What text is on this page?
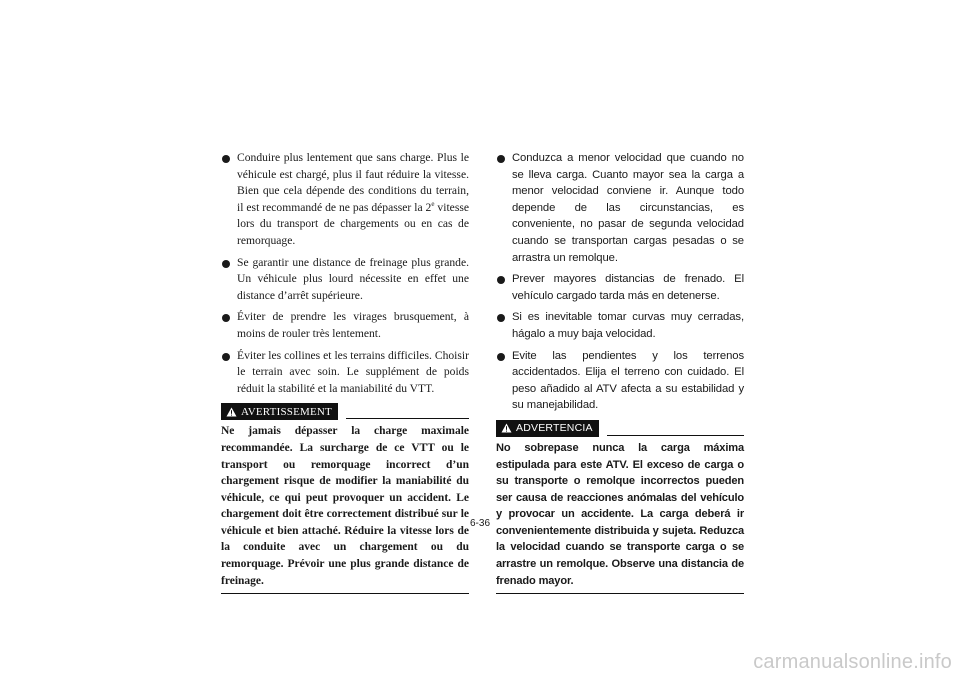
Conduire plus lentement que sans charge. Plus le véhicule est chargé, plus il faut réduire la vitesse. Bien que cela dépende des conditions du terrain, il est recommandé de ne pas dépasser la 2e vitesse lors du transport de chargements ou en cas de remorquage.
Se garantir une distance de freinage plus grande. Un véhicule plus lourd nécessite en effet une distance d’arrêt supérieure.
Éviter de prendre les virages brusquement, à moins de rouler très lentement.
Éviter les collines et les terrains difficiles. Choisir le terrain avec soin. Le supplément de poids réduit la stabilité et la maniabilité du VTT.
AVERTISSEMENT

Ne jamais dépasser la charge maximale recommandée. La surcharge de ce VTT ou le transport ou remorquage incorrect d’un chargement risque de modifier la maniabilité du véhicule, ce qui peut provoquer un accident. Le chargement doit être correctement distribué sur le véhicule et bien attaché. Réduire la vitesse lors de la conduite avec un chargement ou du remorquage. Prévoir une plus grande distance de freinage.

Conduzca a menor velocidad que cuando no se lleva carga. Cuanto mayor sea la carga a menor velocidad conviene ir. Aunque todo depende de las circunstancias, es conveniente, no pasar de segunda velocidad cuando se transportan cargas pesadas o se arrastra un remolque.
Prever mayores distancias de frenado. El vehículo cargado tarda más en detenerse.
Si es inevitable tomar curvas muy cerradas, hágalo a muy baja velocidad.
Evite las pendientes y los terrenos accidentados. Elija el terreno con cuidado. El peso añadido al ATV afecta a su estabilidad y su manejabilidad.
ADVERTENCIA

No sobrepase nunca la carga máxima estipulada para este ATV. El exceso de carga o su transporte o remolque incorrectos pueden ser causa de reacciones anómalas del vehículo y provocar un accidente. La carga deberá ir convenientemente distribuida y sujeta. Reduzca la velocidad cuando se transporte carga o se arrastre un remolque. Observe una distancia de frenado mayor.

6-36
carmanualsonline.info
